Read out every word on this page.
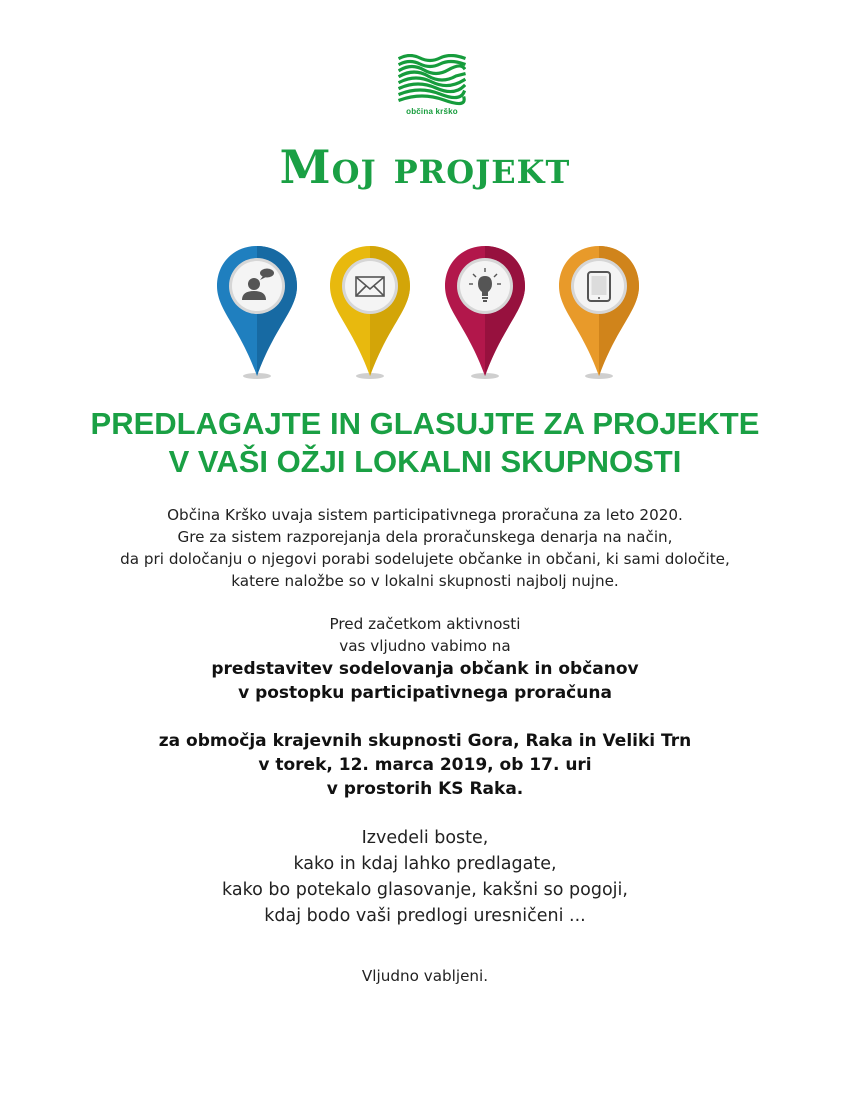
občina krško
Moj projekt
PREDLAGAJTE IN GLASUJTE ZA PROJEKTE
V VAŠI OŽJI LOKALNI SKUPNOSTI
Občina Krško uvaja sistem participativnega proračuna za leto 2020.
Gre za sistem razporejanja dela proračunskega denarja na način,
da pri določanju o njegovi porabi sodelujete občanke in občani, ki sami določite,
katere naložbe so v lokalni skupnosti najbolj nujne.
Pred začetkom aktivnosti
vas vljudno vabimo na
predstavitev sodelovanja občank in občanov
v postopku participativnega proračuna
za območja krajevnih skupnosti Gora, Raka in Veliki Trn
v torek, 12. marca 2019, ob 17. uri
v prostorih KS Raka.
Izvedeli boste,
kako in kdaj lahko predlagate,
kako bo potekalo glasovanje, kakšni so pogoji,
kdaj bodo vaši predlogi uresničeni ...
Vljudno vabljeni.
